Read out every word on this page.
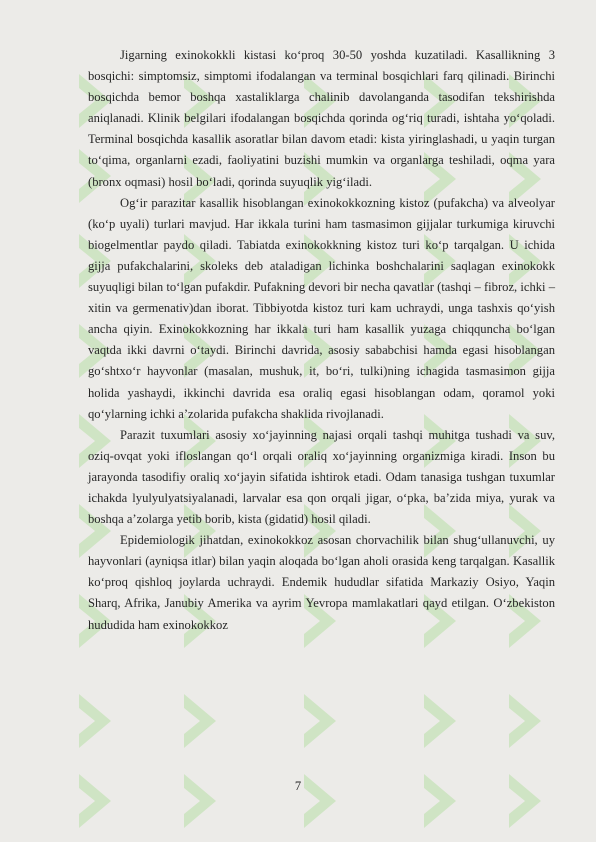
Jigarning exinokokkli kistasi ko‘proq 30-50 yoshda kuzatiladi. Kasallikning 3 bosqichi: simptomsiz, simptomi ifodalangan va terminal bosqichlari farq qilinadi. Birinchi bosqichda bemor boshqa xastaliklarga chalinib davolanganda tasodifan tekshirishda aniqlanadi. Klinik belgilari ifodalangan bosqichda qorinda og‘riq turadi, ishtaha yo‘qoladi. Terminal bosqichda kasallik asoratlar bilan davom etadi: kista yiringlashadi, u yaqin turgan to‘qima, organlarni ezadi, faoliyatini buzishi mumkin va organlarga teshiladi, oqma yara (bronx oqmasi) hosil bo‘ladi, qorinda suyuqlik yig‘iladi.

Og‘ir parazitar kasallik hisoblangan exinokokkozning kistoz (pufakcha) va alveolyar (ko‘p uyali) turlari mavjud. Har ikkala turini ham tasmasimon gijjalar turkumiga kiruvchi biogelmentlar paydo qiladi. Tabiatda exinokokkning kistoz turi ko‘p tarqalgan. U ichida gijja pufakchalarini, skoleks deb ataladigan lichinka boshchalarini saqlagan exinokokk suyuqligi bilan to‘lgan pufakdir. Pufakning devori bir necha qavatlar (tashqi – fibroz, ichki – xitin va germenativ)dan iborat. Tibbiyotda kistoz turi kam uchraydi, unga tashxis qo‘yish ancha qiyin. Exinokokkozning har ikkala turi ham kasallik yuzaga chiqquncha bo‘lgan vaqtda ikki davrni o‘taydi. Birinchi davrida, asosiy sababchisi hamda egasi hisoblangan go‘shtxo‘r hayvonlar (masalan, mushuk, it, bo‘ri, tulki)ning ichagida tasmasimon gijja holida yashaydi, ikkinchi davrida esa oraliq egasi hisoblangan odam, qoramol yoki qo‘ylarning ichki a’zolarida pufakcha shaklida rivojlanadi.

Parazit tuxumlari asosiy xo‘jayinning najasi orqali tashqi muhitga tushadi va suv, oziq-ovqat yoki ifloslangan qo‘l orqali oraliq xo‘jayinning organizmiga kiradi. Inson bu jarayonda tasodifiy oraliq xo‘jayin sifatida ishtirok etadi. Odam tanasiga tushgan tuxumlar ichakda lyulyulyatsiyalanadi, larvalar esa qon orqali jigar, o‘pka, ba’zida miya, yurak va boshqa a’zolarga yetib borib, kista (gidatid) hosil qiladi.

Epidemiologik jihatdan, exinokokkoz asosan chorvachilik bilan shug‘ullanuvchi, uy hayvonlari (ayniqsa itlar) bilan yaqin aloqada bo‘lgan aholi orasida keng tarqalgan. Kasallik ko‘proq qishloq joylarda uchraydi. Endemik hududlar sifatida Markaziy Osiyo, Yaqin Sharq, Afrika, Janubiy Amerika va ayrim Yevropa mamlakatlari qayd etilgan. O‘zbekiston hududida ham exinokokkoz

7
